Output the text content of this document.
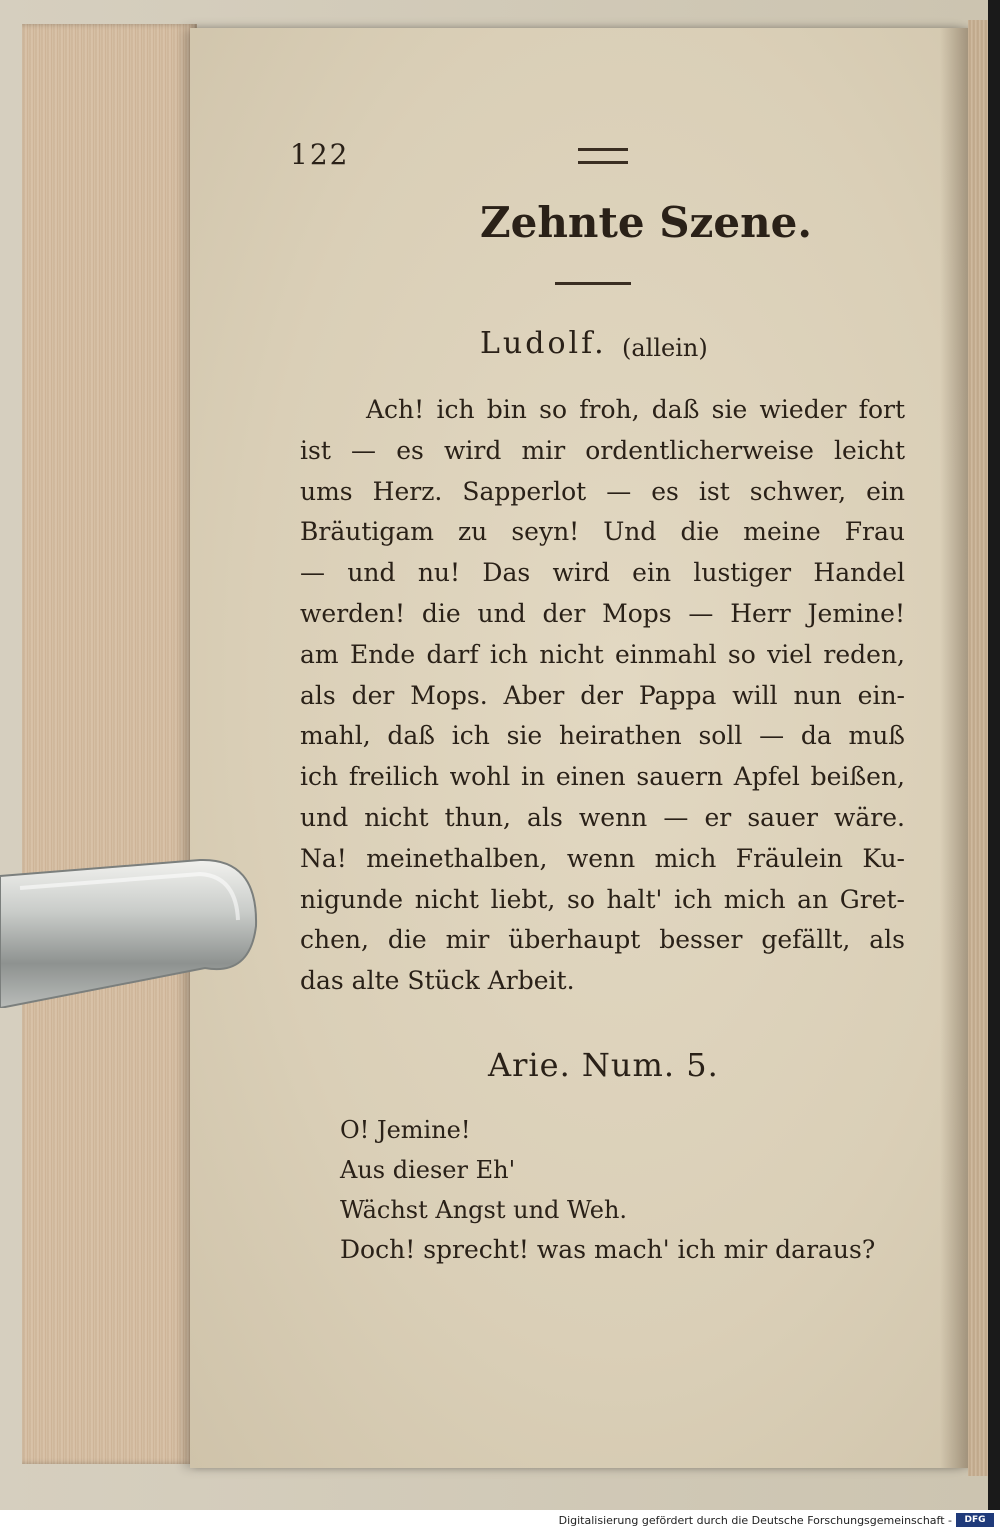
122
Zehnte Szene.
Ludolf. (allein)
Ach! ich bin so froh, daß sie wieder fort
ist — es wird mir ordentlicherweise leicht
ums Herz. Sapperlot — es ist schwer, ein
Bräutigam zu seyn! Und die meine Frau
— und nu! Das wird ein lustiger Handel
werden! die und der Mops — Herr Jemine!
am Ende darf ich nicht einmahl so viel reden,
als der Mops. Aber der Pappa will nun ein-
mahl, daß ich sie heirathen soll — da muß
ich freilich wohl in einen sauern Apfel beißen,
und nicht thun, als wenn — er sauer wäre.
Na! meinethalben, wenn mich Fräulein Ku-
nigunde nicht liebt, so halt' ich mich an Gret-
chen, die mir überhaupt besser gefällt, als
das alte Stück Arbeit.
Arie. Num. 5.
O! Jemine!
Aus dieser Eh'
Wächst Angst und Weh.
Doch! sprecht! was mach' ich mir daraus?
Digitalisierung gefördert durch die Deutsche Forschungsgemeinschaft -	DFG
